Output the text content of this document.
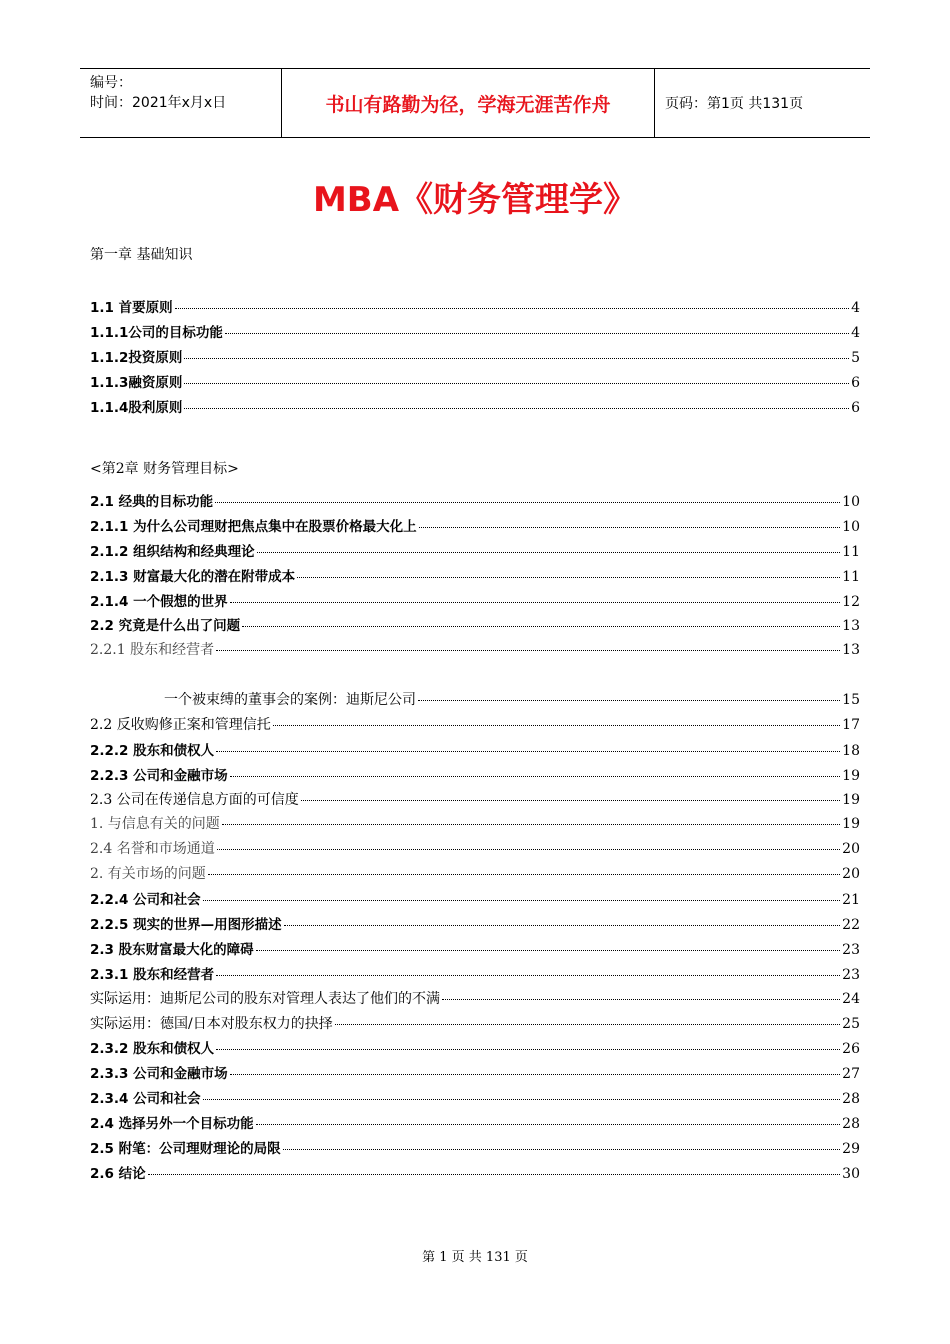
编号：
时间：2021年x月x日	书山有路勤为径，学海无涯苦作舟	页码：第1页 共131页
MBA《财务管理学》
第一章 基础知识
1.1 首要原则	4
1.1.1公司的目标功能	4
1.1.2投资原则	5
1.1.3融资原则	6
1.1.4股利原则	6
<第2章 财务管理目标>
2.1 经典的目标功能	10
2.1.1 为什么公司理财把焦点集中在股票价格最大化上	10
2.1.2 组织结构和经典理论	11
2.1.3 财富最大化的潜在附带成本	11
2.1.4 一个假想的世界	12
2.2 究竟是什么出了问题	13
2.2.1 股东和经营者	13
一个被束缚的董事会的案例：迪斯尼公司	15
2.2 反收购修正案和管理信托	17
2.2.2 股东和债权人	18
2.2.3 公司和金融市场	19
2.3 公司在传递信息方面的可信度	19
1. 与信息有关的问题	19
2.4 名誉和市场通道	20
2. 有关市场的问题	20
2.2.4 公司和社会	21
2.2.5 现实的世界—用图形描述	22
2.3 股东财富最大化的障碍	23
2.3.1 股东和经营者	23
实际运用：迪斯尼公司的股东对管理人表达了他们的不满	24
实际运用：德国/日本对股东权力的抉择	25
2.3.2 股东和债权人	26
2.3.3 公司和金融市场	27
2.3.4 公司和社会	28
2.4 选择另外一个目标功能	28
2.5 附笔：公司理财理论的局限	29
2.6 结论	30
第 1 页 共 131 页
